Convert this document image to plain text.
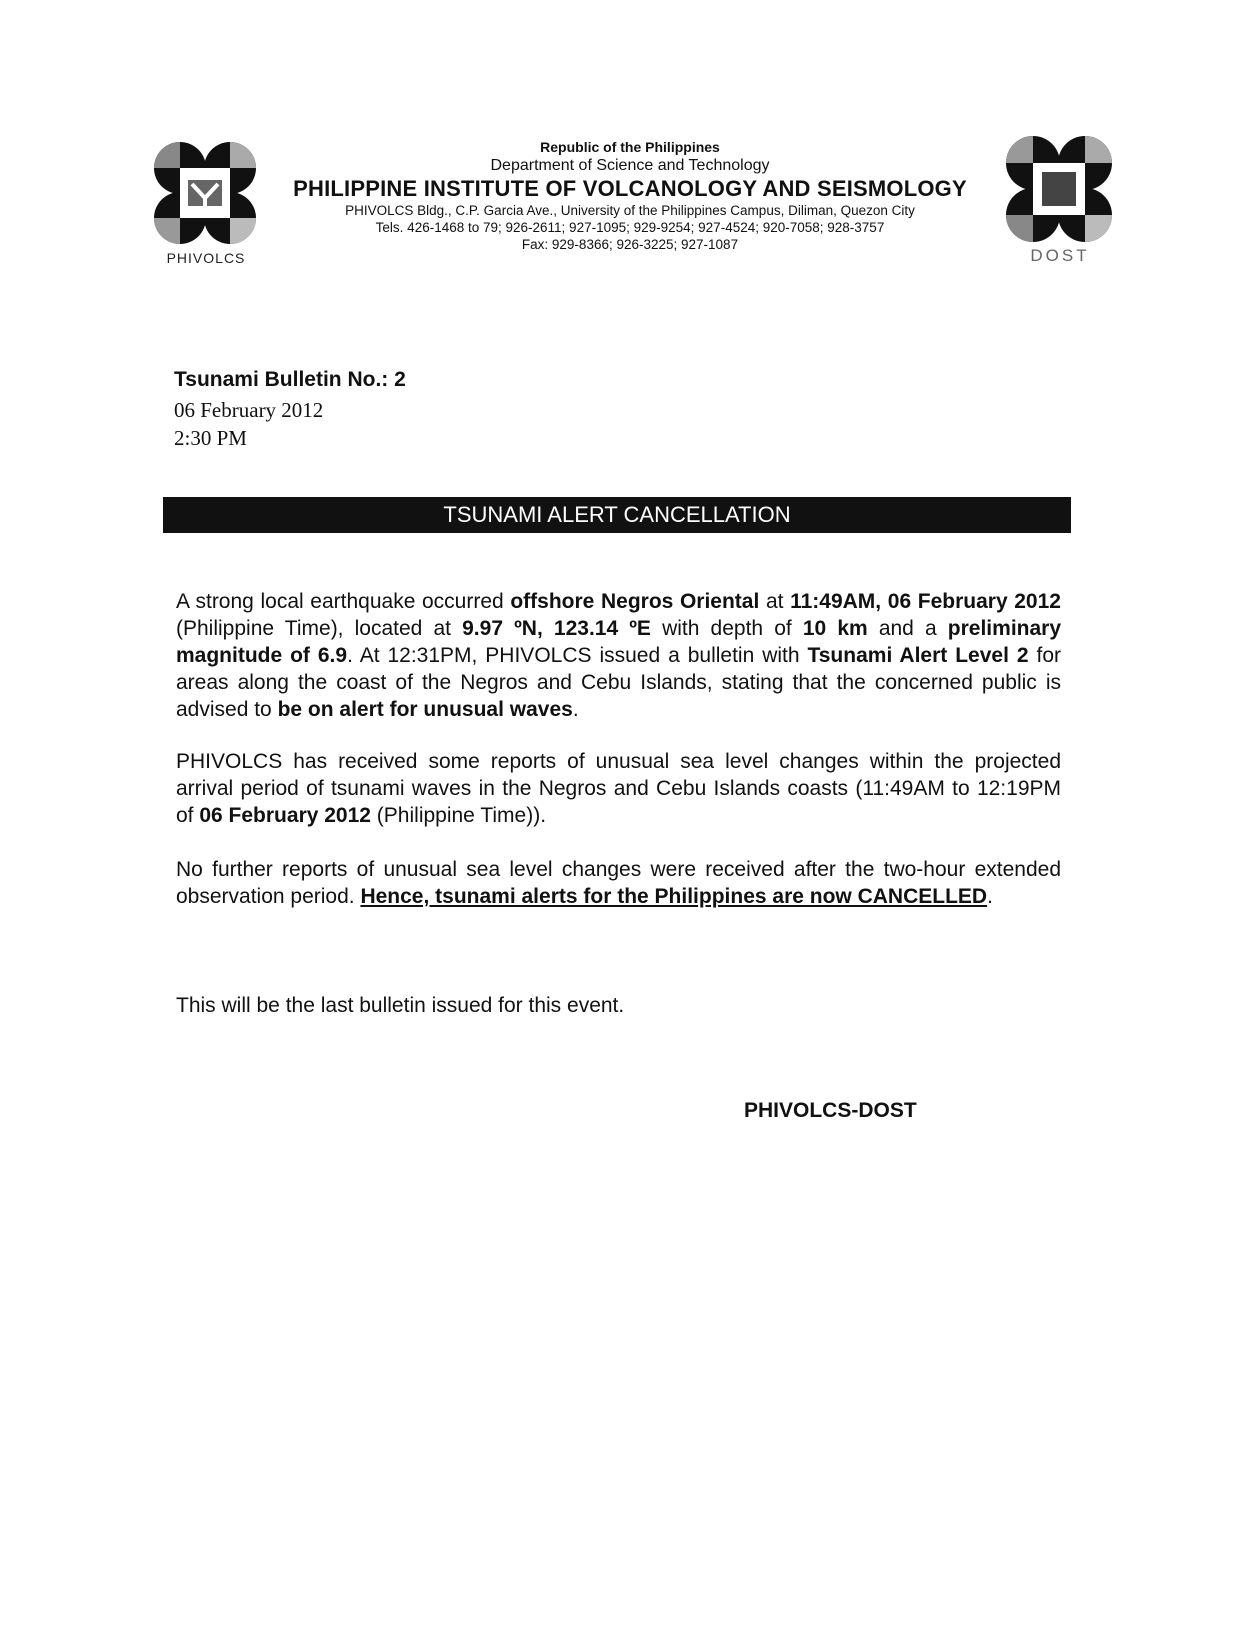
PHIVOLCS	DOST
Republic of the Philippines
Department of Science and Technology
PHILIPPINE INSTITUTE OF VOLCANOLOGY AND SEISMOLOGY
PHIVOLCS Bldg., C.P. Garcia Ave., University of the Philippines Campus, Diliman, Quezon City
Tels. 426-1468 to 79; 926-2611; 927-1095; 929-9254; 927-4524; 920-7058; 928-3757
Fax: 929-8366; 926-3225; 927-1087
Tsunami Bulletin No.: 2
06 February 2012
2:30 PM
TSUNAMI ALERT CANCELLATION
A strong local earthquake occurred offshore Negros Oriental at 11:49AM, 06 February 2012 (Philippine Time), located at 9.97 ºN, 123.14 ºE with depth of 10 km and a preliminary magnitude of 6.9. At 12:31PM, PHIVOLCS issued a bulletin with Tsunami Alert Level 2 for areas along the coast of the Negros and Cebu Islands, stating that the concerned public is advised to be on alert for unusual waves.
PHIVOLCS has received some reports of unusual sea level changes within the projected arrival period of tsunami waves in the Negros and Cebu Islands coasts (11:49AM to 12:19PM of 06 February 2012 (Philippine Time)).
No further reports of unusual sea level changes were received after the two-hour extended observation period. Hence, tsunami alerts for the Philippines are now CANCELLED.
This will be the last bulletin issued for this event.
PHIVOLCS-DOST
